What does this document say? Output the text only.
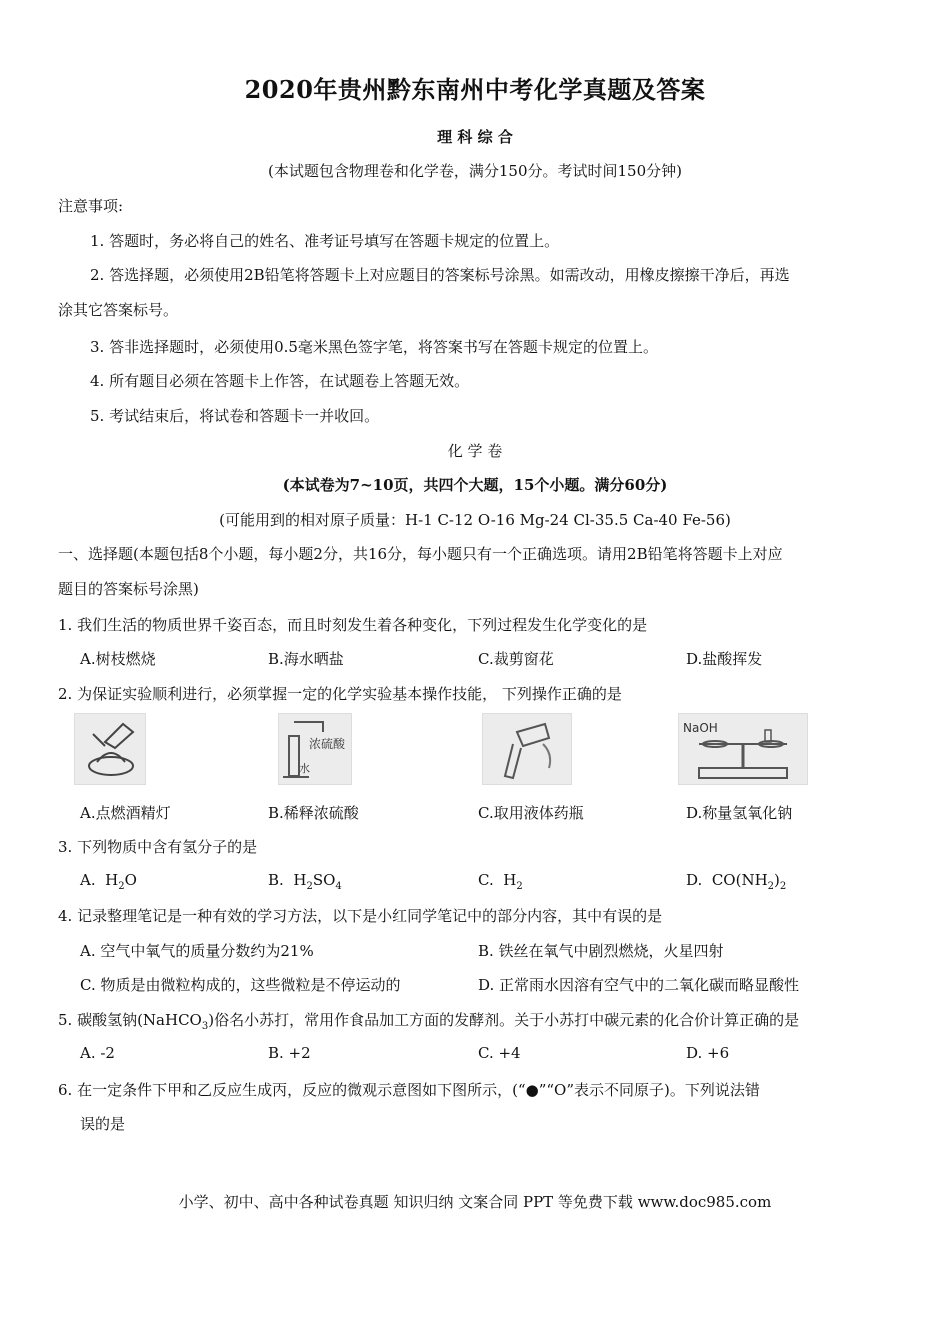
2020年贵州黔东南州中考化学真题及答案
理 科 综 合
(本试题包含物理卷和化学卷，满分150分。考试时间150分钟)
注意事项:
1. 答题时，务必将自己的姓名、准考证号填写在答题卡规定的位置上。
2. 答选择题，必须使用2B铅笔将答题卡上对应题目的答案标号涂黑。如需改动，用橡皮擦擦干净后，再选
涂其它答案标号。
3. 答非选择题时，必须使用0.5毫米黑色签字笔，将答案书写在答题卡规定的位置上。
4. 所有题目必须在答题卡上作答，在试题卷上答题无效。
5. 考试结束后，将试卷和答题卡一并收回。
化 学 卷
(本试卷为7~10页，共四个大题，15个小题。满分60分)
(可能用到的相对原子质量：H-1 C-12 O-16 Mg-24 Cl-35.5 Ca-40 Fe-56)
一、选择题(本题包括8个小题，每小题2分，共16分，每小题只有一个正确选项。请用2B铅笔将答题卡上对应
题目的答案标号涂黑)
1. 我们生活的物质世界千姿百态，而且时刻发生着各种变化，下列过程发生化学变化的是
A.树枝燃烧	B.海水晒盐	C.裁剪窗花	D.盐酸挥发
2. 为保证实验顺利进行，必须掌握一定的化学实验基本操作技能， 下列操作正确的是
浓硫酸
水
NaOH
A.点燃酒精灯	B.稀释浓硫酸	C.取用液体药瓶	D.称量氢氧化钠
3. 下列物质中含有氢分子的是
A. $H_2O$	B. $H_2SO_4$	C. $H_2$	D. $CO(NH_2)_2$
4. 记录整理笔记是一种有效的学习方法，以下是小红同学笔记中的部分内容，其中有误的是
A. 空气中氧气的质量分数约为21%	B. 铁丝在氧气中剧烈燃烧，火星四射
C. 物质是由微粒构成的，这些微粒是不停运动的	D. 正常雨水因溶有空气中的二氧化碳而略显酸性
5. 碳酸氢钠(NaHCO$_3$)俗名小苏打，常用作食品加工方面的发酵剂。关于小苏打中碳元素的化合价计算正确的是
A. -2	B. +2	C. +4	D. +6
6. 在一定条件下甲和乙反应生成丙，反应的微观示意图如下图所示，(“●”“O”表示不同原子)。下列说法错
误的是
小学、初中、高中各种试卷真题 知识归纳 文案合同 PPT 等免费下载 www.doc985.com
